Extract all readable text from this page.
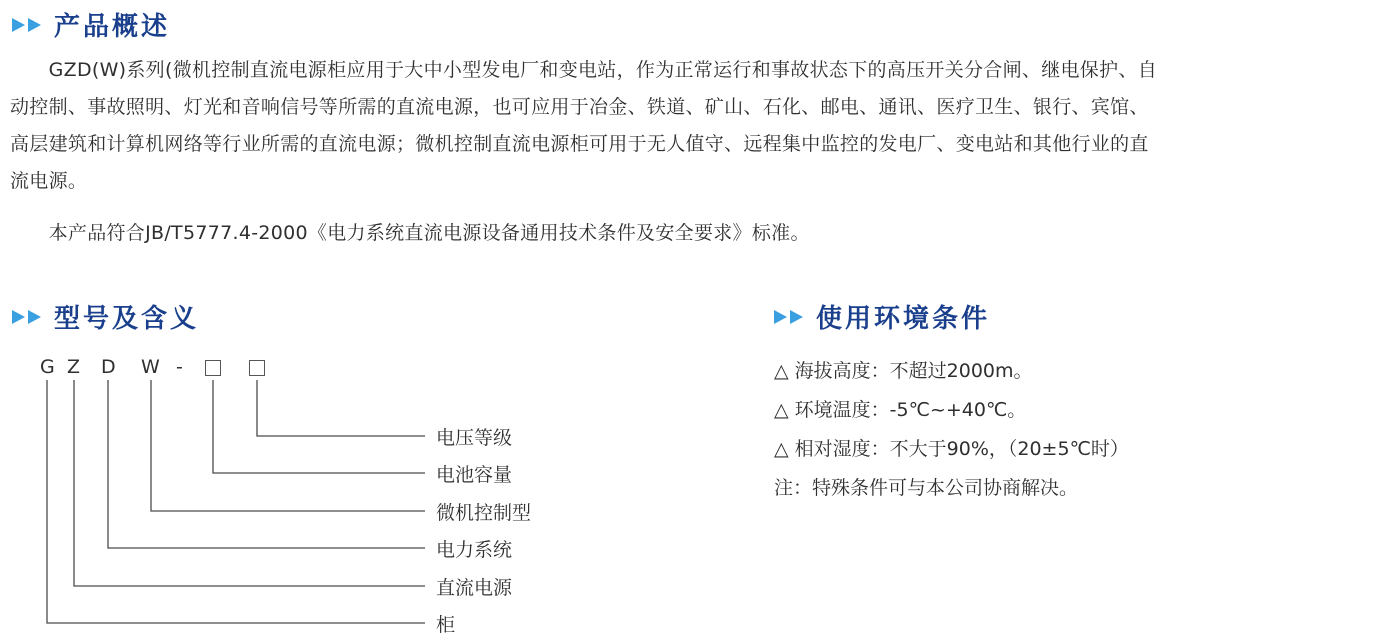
产品概述
　　GZD(W)系列(微机控制直流电源柜应用于大中小型发电厂和变电站，作为正常运行和事故状态下的高压开关分合闸、继电保护、自
动控制、事故照明、灯光和音响信号等所需的直流电源，也可应用于冶金、铁道、矿山、石化、邮电、通讯、医疗卫生、银行、宾馆、
高层建筑和计算机网络等行业所需的直流电源；微机控制直流电源柜可用于无人值守、远程集中监控的发电厂、变电站和其他行业的直
流电源。
　　本产品符合JB/T5777.4-2000《电力系统直流电源设备通用技术条件及安全要求》标准。
型号及含义
G Z D W -
电压等级
电池容量
微机控制型
电力系统
直流电源
柜
使用环境条件
△ 海拔高度：不超过2000m。
△ 环境温度：-5℃~+40℃。
△ 相对湿度：不大于90%，（20±5℃时）
注：特殊条件可与本公司协商解决。
